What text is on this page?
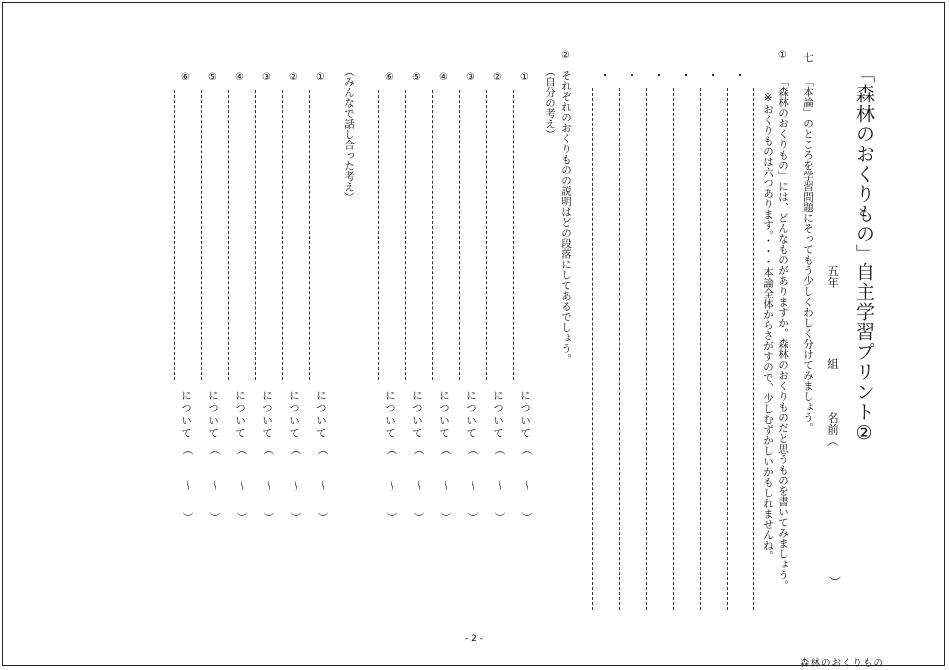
「森林のおくりもの」
自主学習プリント②
五年
組
名前（
）
七
「本論」のところを学習問題にそってもう少しくわしく分けてみましょう。
①
「森林のおくりもの」には、どんなものがありますか。森林のおくりものだと思うものを書いてみましょう。
※おくりものは六つあります。・・・本論全体からさがすので、少しむずかしいかもしれませんね。
②
それぞれのおくりものの説明はどの段落にしてあるでしょう。
（自分の考え）
①
について
（
～
）
②
について
（
～
）
③
について
（
～
）
④
について
（
～
）
⑤
について
（
～
）
⑥
について
（
～
）
（みんなで話し合った考え）
①
について
（
～
）
②
について
（
～
）
③
について
（
～
）
④
について
（
～
）
⑤
について
（
～
）
⑥
について
（
～
）
- 2 -
森林のおくりもの
